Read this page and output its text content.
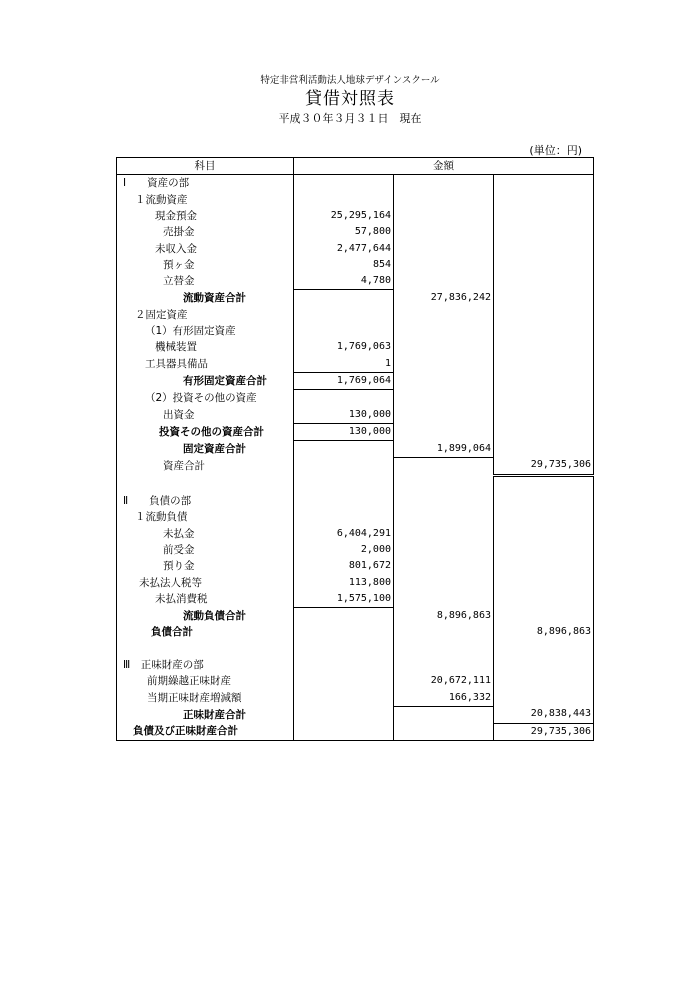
特定非営利活動法人地球デザインスクール
貸借対照表
平成３０年３月３１日　現在
(単位：円)
科目	金額		
Ⅰ　　資産の部			
１流動資産			
現金預金	25,295,164		
売掛金	57,800		
未収入金	2,477,644		
預ヶ金	854		
立替金	4,780		
流動資産合計		27,836,242	
２固定資産			
（1）有形固定資産			
機械装置	1,769,063		
工具器具備品	1		
有形固定資産合計	1,769,064		
（2）投資その他の資産			
出資金	130,000		
投資その他の資産合計	130,000		
固定資産合計		1,899,064	
資産合計			29,735,306

Ⅱ　　負債の部			
１流動負債			
未払金	6,404,291		
前受金	2,000		
預り金	801,672		
未払法人税等	113,800		
未払消費税	1,575,100		
流動負債合計		8,896,863	
負債合計			8,896,863

Ⅲ　正味財産の部			
前期繰越正味財産		20,672,111	
当期正味財産増減額		166,332	
正味財産合計			20,838,443
負債及び正味財産合計			29,735,306
